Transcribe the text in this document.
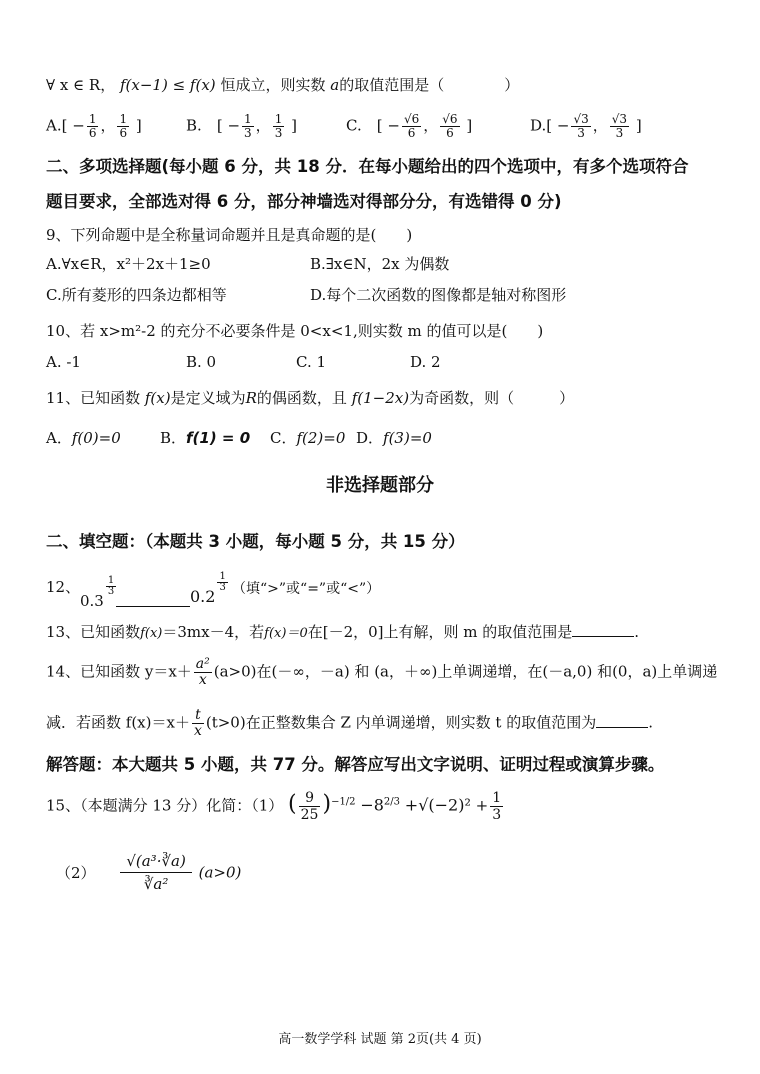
∀ x ∈ R， f(x−1) ≤ f(x) 恒成立，则实数 a的取值范围是（　　　　）
$A.[ - \frac{1}{6}$ ， $\frac{1}{6}$ ]	B.　 [ − $\frac{1}{3}$ ， $\frac{1}{3}$ ]	C.　 [ − $\frac{√6}{6}$ ， $\frac{√6}{6}$ ]	$D.[ - \frac{√3}{3}$ ， $\frac{√3}{3}$ ]
二、多项选择题(每小题 6 分，共 18 分．在每小题给出的四个选项中，有多个选项符合
题目要求，全部选对得 6 分，部分神墙选对得部分分，有选错得 0 分)
9、下列命题中是全称量词命题并且是真命题的是(　　)
A.∀x∈R，x²＋2x＋1≥0	B.∃x∈N，2x 为偶数
C.所有菱形的四条边都相等	D.每个二次函数的图像都是轴对称图形
10、若 x>m²-2 的充分不必要条件是 0<x<1,则实数 m 的值可以是(　　)
A. -1	B. 0	C. 1	D. 2
11、已知函数 f(x)是定义域为R的偶函数，且 f(1−2x)为奇函数，则（　　　）
A．f(0)=0	B．f(1) = 0 C．f(2)=0 D．f(3)=0
非选择题部分
二、填空题：（本题共 3 小题，每小题 5 分，共 15 分）
12、
0.3
$\frac{1}{3}$	0.2
$\frac{1}{3}$ （填“>”或“=”或“<”）
13、已知函数f(x)＝3mx－4，若f(x)＝0在[－2，0]上有解，则 m 的取值范围是	.
14、已知函数 $y=x+ \frac{\text{a²}}{x} (a>0)$在(－∞，－a) 和 (a，＋∞)上单调递增，在(－a,0) 和(0，a)上单调递
减．若函数 $f(x)=x+ \frac{t}{x} (t>0)$在正整数集合 Z 内单调递增，则实数 t 的取值范围为	.
解答题：本大题共 5 小题，共 77 分。解答应写出文字说明、证明过程或演算步骤。
15、（本题满分 13 分）化简：（1） ( $\frac{9}{25} )^{-1/2} -8^{2/3} +√(-2)^2 + \frac{1}{3}$
$(2) \frac{\text{√(a³·∛a)}}{\text{∛a²}} (a>0)$
高一数学学科 试题 第 2页(共 4 页)
